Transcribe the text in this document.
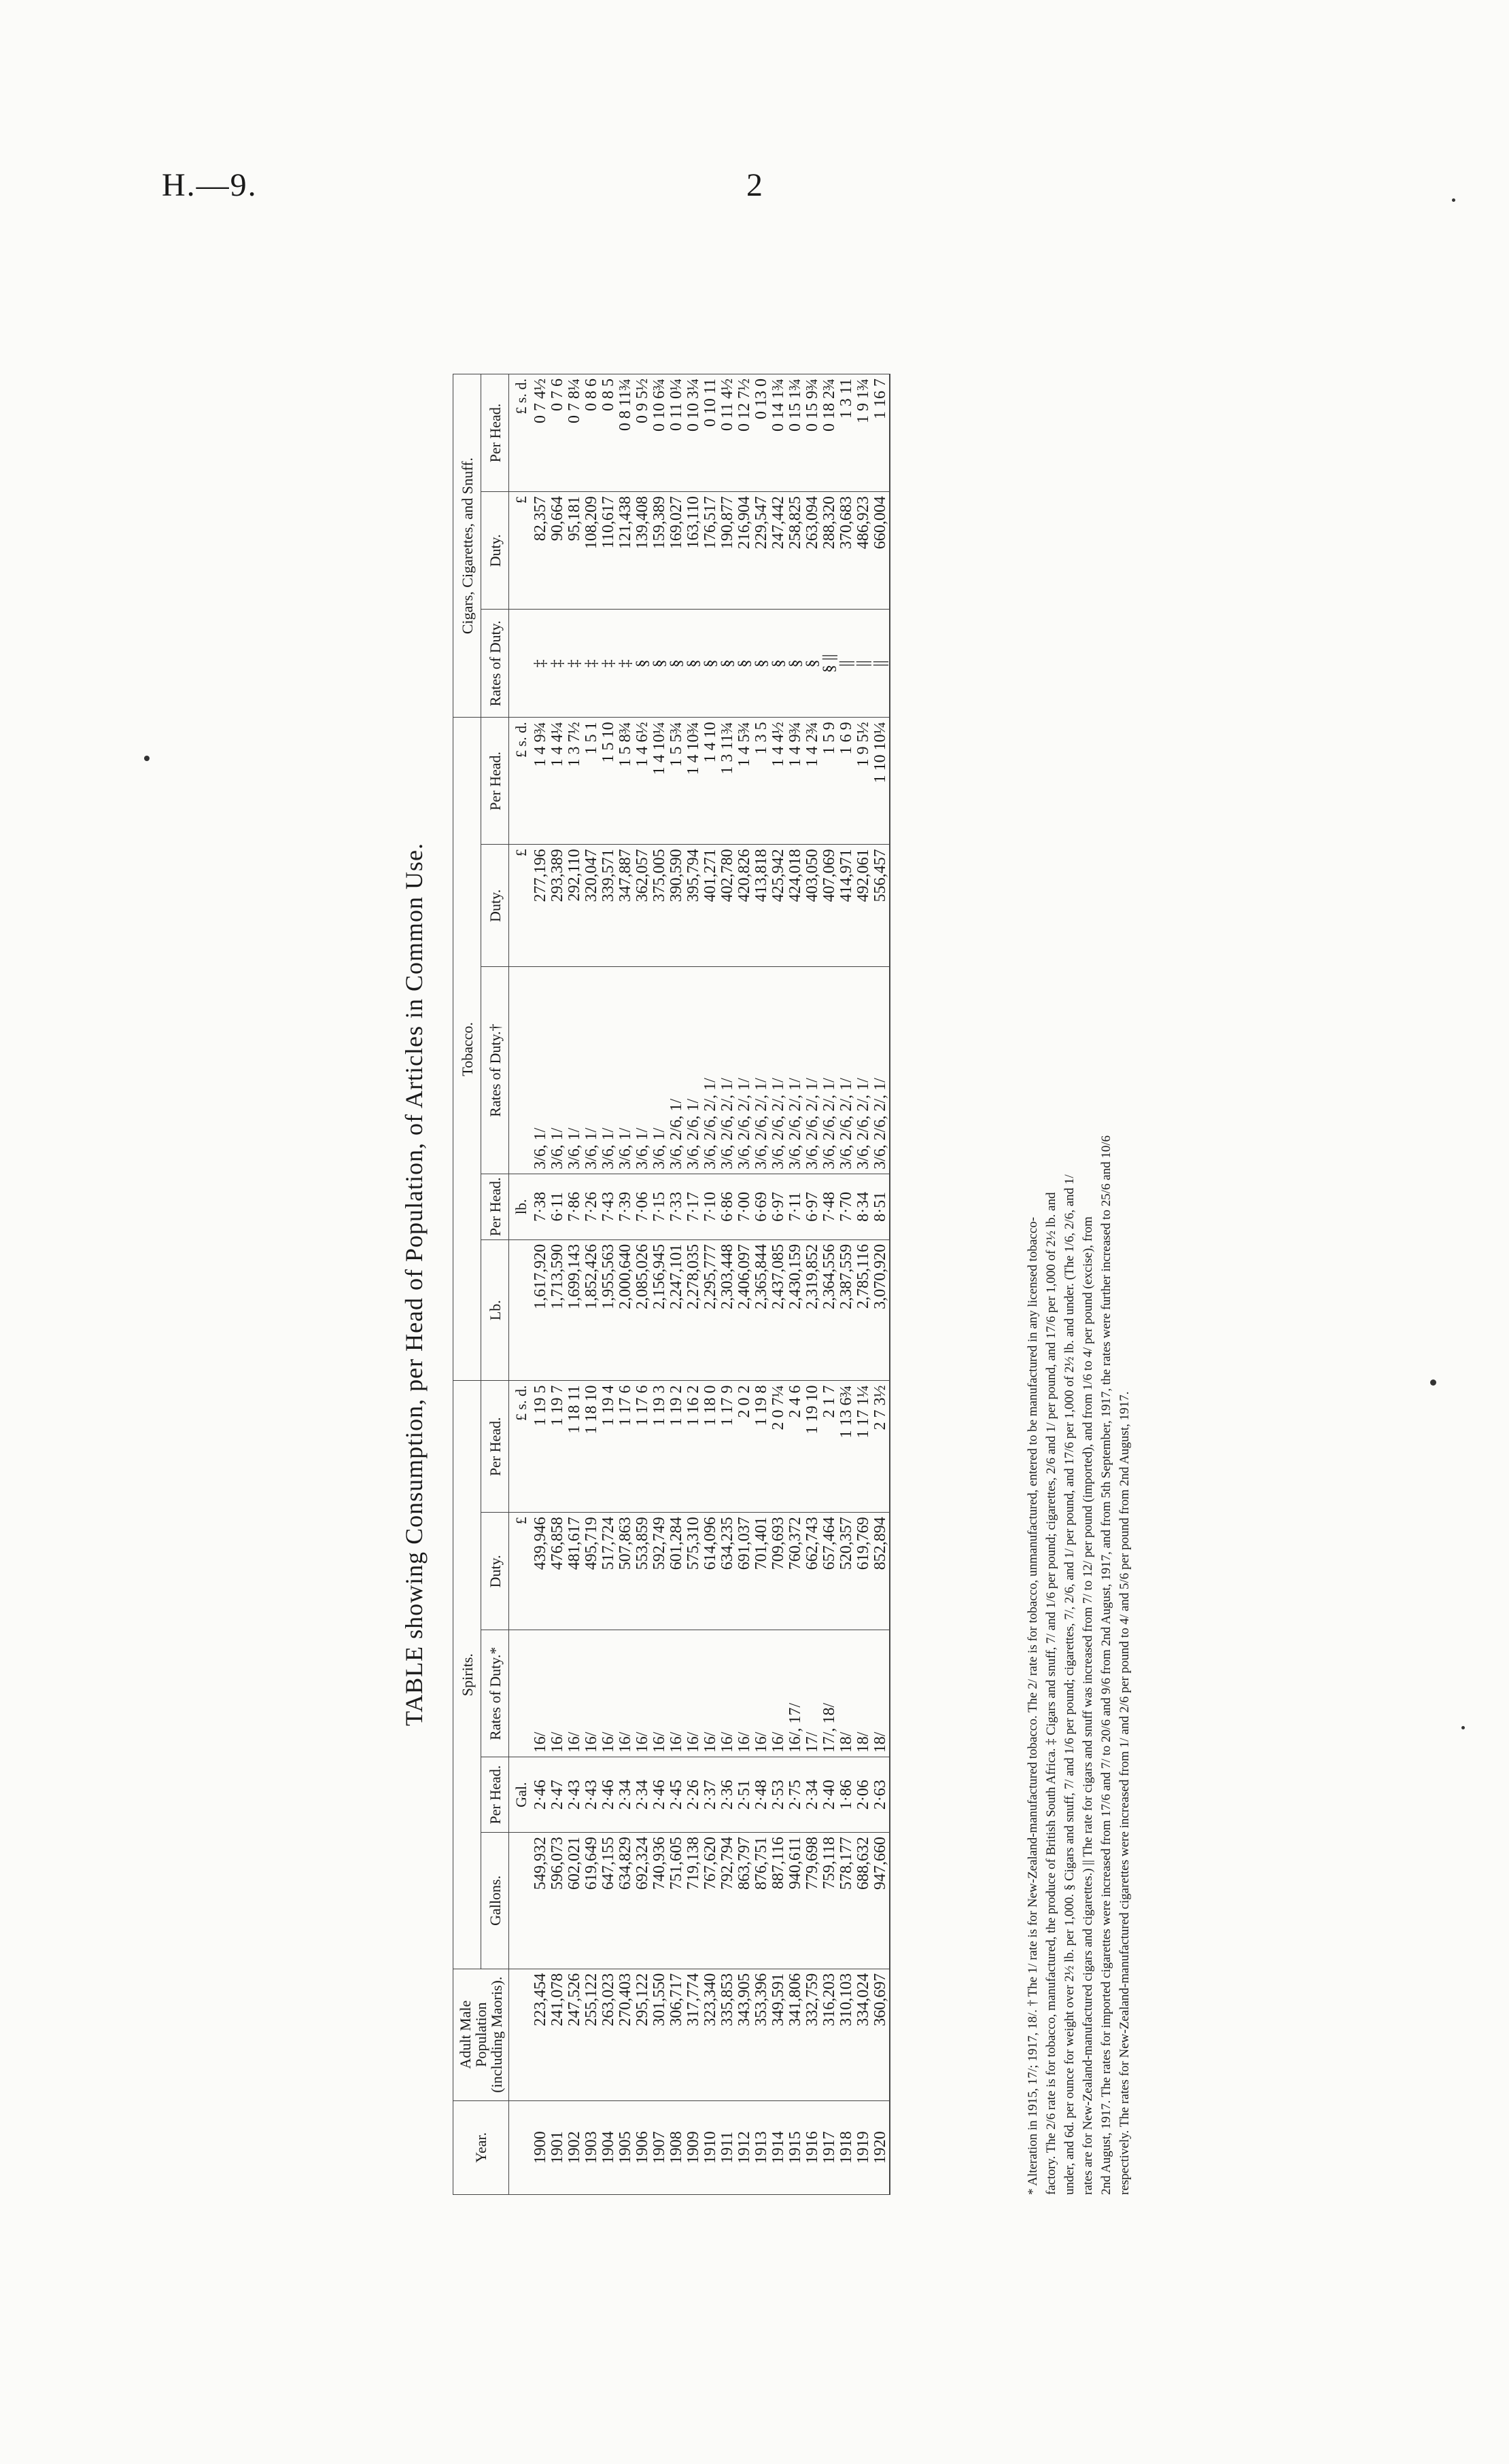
H.—9.	2
TABLE showing Consumption, per Head of Population, of Articles in Common Use.
Year.	Adult Male Population (including Maoris).	Spirits.					Tobacco.					Cigars, Cigarettes, and Snuff.		
		Gallons.	Per Head.	Rates of Duty.*	Duty.	Per Head.	Lb.	Per Head.	Rates of Duty.†	Duty.	Per Head.	Rates of Duty.	Duty.	Per Head.
			Gal.		£	£ s. d.		lb.		£	£ s. d.		£	£ s. d.
1900	223,454	549,932	2·46	16/	439,946	1 19 5	1,617,920	7·38	3/6, 1/	277,196	1 4 9¾	‡	82,357	0 7 4½
1901	241,078	596,073	2·47	16/	476,858	1 19 7	1,713,590	6·11	3/6, 1/	293,389	1 4 4¼	‡	90,664	0 7 6
1902	247,526	602,021	2·43	16/	481,617	1 18 11	1,699,143	7·86	3/6, 1/	292,110	1 3 7½	‡	95,181	0 7 8¼
1903	255,122	619,649	2·43	16/	495,719	1 18 10	1,852,426	7·26	3/6, 1/	320,047	1 5 1	‡	108,209	0 8 6
1904	263,023	647,155	2·46	16/	517,724	1 19 4	1,955,563	7·43	3/6, 1/	339,571	1 5 10	‡	110,617	0 8 5
1905	270,403	634,829	2·34	16/	507,863	1 17 6	2,000,640	7·39	3/6, 1/	347,887	1 5 8¾	‡	121,438	0 8 11¾
1906	295,122	692,324	2·34	16/	553,859	1 17 6	2,085,026	7·06	3/6, 1/	362,057	1 4 6½	§	139,408	0 9 5½
1907	301,550	740,936	2·46	16/	592,749	1 19 3	2,156,945	7·15	3/6, 1/	375,005	1 4 10¼	§	159,389	0 10 6¾
1908	306,717	751,605	2·45	16/	601,284	1 19 2	2,247,101	7·33	3/6, 2/6, 1/	390,590	1 5 5¾	§	169,027	0 11 0¼
1909	317,774	719,138	2·26	16/	575,310	1 16 2	2,278,035	7·17	3/6, 2/6, 1/	395,794	1 4 10¾	§	163,110	0 10 3¼
1910	323,340	767,620	2·37	16/	614,096	1 18 0	2,295,777	7·10	3/6, 2/6, 2/, 1/	401,271	1 4 10	§	176,517	0 10 11
1911	335,853	792,794	2·36	16/	634,235	1 17 9	2,303,448	6·86	3/6, 2/6, 2/, 1/	402,780	1 3 11¾	§	190,877	0 11 4½
1912	343,905	863,797	2·51	16/	691,037	2 0 2	2,406,097	7·00	3/6, 2/6, 2/, 1/	420,826	1 4 5¾	§	216,904	0 12 7½
1913	353,396	876,751	2·48	16/	701,401	1 19 8	2,365,844	6·69	3/6, 2/6, 2/, 1/	413,818	1 3 5	§	229,547	0 13 0
1914	349,591	887,116	2·53	16/	709,693	2 0 7¼	2,437,085	6·97	3/6, 2/6, 2/, 1/	425,942	1 4 4½	§	247,442	0 14 1¾
1915	341,806	940,611	2·75	16/, 17/	760,372	2 4 6	2,430,159	7·11	3/6, 2/6, 2/, 1/	424,018	1 4 9¾	§	258,825	0 15 1¾
1916	332,759	779,698	2·34	17/	662,743	1 19 10	2,319,852	6·97	3/6, 2/6, 2/, 1/	403,050	1 4 2¾	§	263,094	0 15 9¾
1917	316,203	759,118	2·40	17/, 18/	657,464	2 1 7	2,364,556	7·48	3/6, 2/6, 2/, 1/	407,069	1 5 9	§ ||	288,320	0 18 2¾
1918	310,103	578,177	1·86	18/	520,357	1 13 6¾	2,387,559	7·70	3/6, 2/6, 2/, 1/	414,971	1 6 9	||	370,683	1 3 11
1919	334,024	688,632	2·06	18/	619,769	1 17 1¼	2,785,116	8·34	3/6, 2/6, 2/, 1/	492,061	1 9 5½	||	486,923	1 9 1¾
1920	360,697	947,660	2·63	18/	852,894	2 7 3½	3,070,920	8·51	3/6, 2/6, 2/, 1/	556,457	1 10 10¼	||	660,004	1 16 7

* Alteration in 1915, 17/; 1917, 18/. † The 1/ rate is for New-Zealand-manufactured tobacco. The 2/ rate is for tobacco, unmanufactured, entered to be manufactured in any licensed tobacco- factory. The 2/6 rate is for tobacco, manufactured, the produce of British South Africa. ‡ Cigars and snuff, 7/ and 1/6 per pound; cigarettes, 2/6 and 1/ per pound, and 17/6 per 1,000 of 2½ lb. and under, and 6d. per ounce for weight over 2½ lb. per 1,000. § Cigars and snuff, 7/ and 1/6 per pound; cigarettes, 7/, 2/6, and 1/ per pound, and 17/6 per 1,000 of 2½ lb. and under. (The 1/6, 2/6, and 1/ rates are for New-Zealand-manufactured cigars and cigarettes.) || The rate for cigars and snuff was increased from 7/ to 12/ per pound (imported), and from 1/6 to 4/ per pound (excise), from 2nd August, 1917. The rates for imported cigarettes were increased from 17/6 and 7/ to 20/6 and 9/6 from 2nd August, 1917, and from 5th September, 1917, the rates were further increased to 25/6 and 10/6 respectively. The rates for New-Zealand-manufactured cigarettes were increased from 1/ and 2/6 per pound to 4/ and 5/6 per pound from 2nd August, 1917.
